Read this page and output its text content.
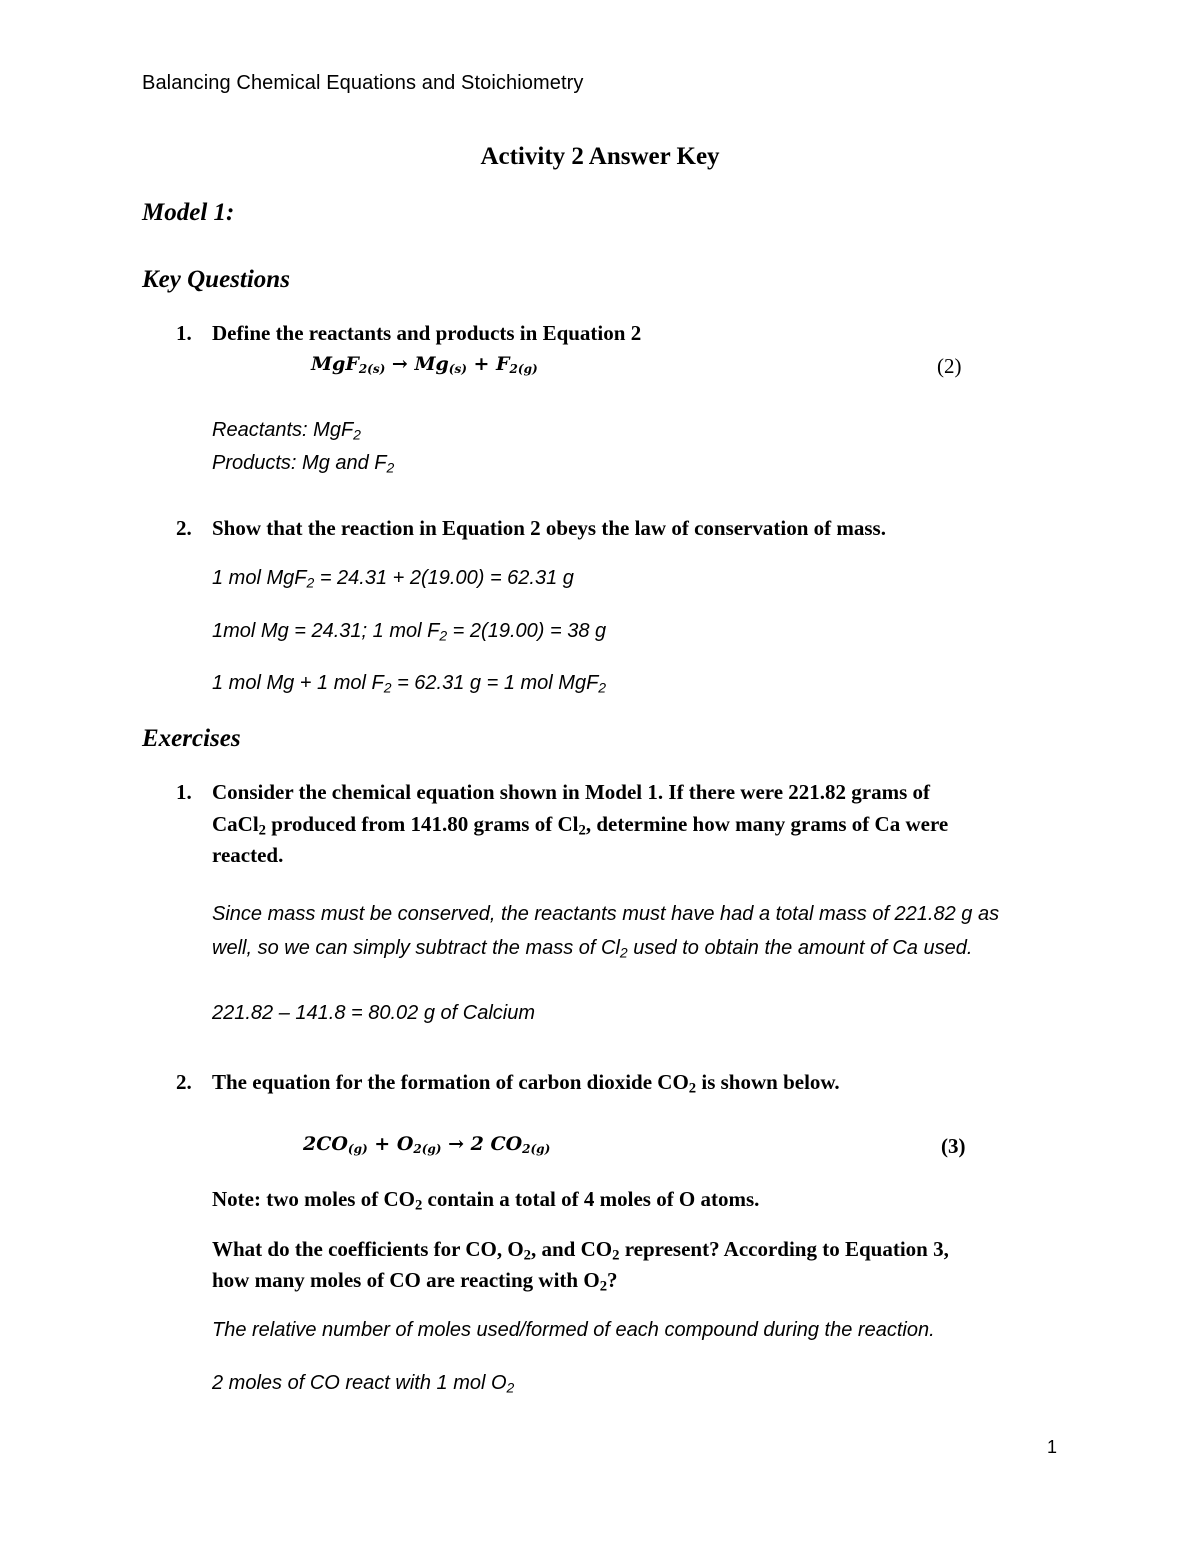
Balancing Chemical Equations and Stoichiometry
Activity 2 Answer Key
Model 1:
Key Questions
1. Define the reactants and products in Equation 2
$MgF_{2(s)} \to Mg_{(s)} + F_{2(g)}$	(2)
Reactants: MgF$_2$
Products: Mg and $F_2$
2. Show that the reaction in Equation 2 obeys the law of conservation of mass.
1 mol MgF$_2$ = 24.31 + 2(19.00) = 62.31 g
1mol Mg = 24.31; 1 mol $F_2 = 2(19.00) = 38$ g
1 mol Mg + 1 mol $F_2 = 62.31$ g = 1 mol MgF$_2$
Exercises
1. Consider the chemical equation shown in Model 1. If there were 221.82 grams of
CaCl$_2$ produced from 141.80 grams of $Cl_2$, determine how many grams of Ca were
reacted.
Since mass must be conserved, the reactants must have had a total mass of 221.82 g as
well, so we can simply subtract the mass of $Cl_2$ used to obtain the amount of Ca used.
221.82 – 141.8 = 80.02 g of Calcium
2. The equation for the formation of carbon dioxide $CO_2$ is shown below.
$2CO_{(g)} + O_{2(g)} \to 2$ $CO_{2(g)}$	(3)
Note: two moles of $CO_2$ contain a total of 4 moles of O atoms.
What do the coefficients for CO, $O_2$, and $CO_2$ represent? According to Equation 3,
how many moles of CO are reacting with $O_2$?
The relative number of moles used/formed of each compound during the reaction.
2 moles of CO react with 1 mol $O_2$
1
